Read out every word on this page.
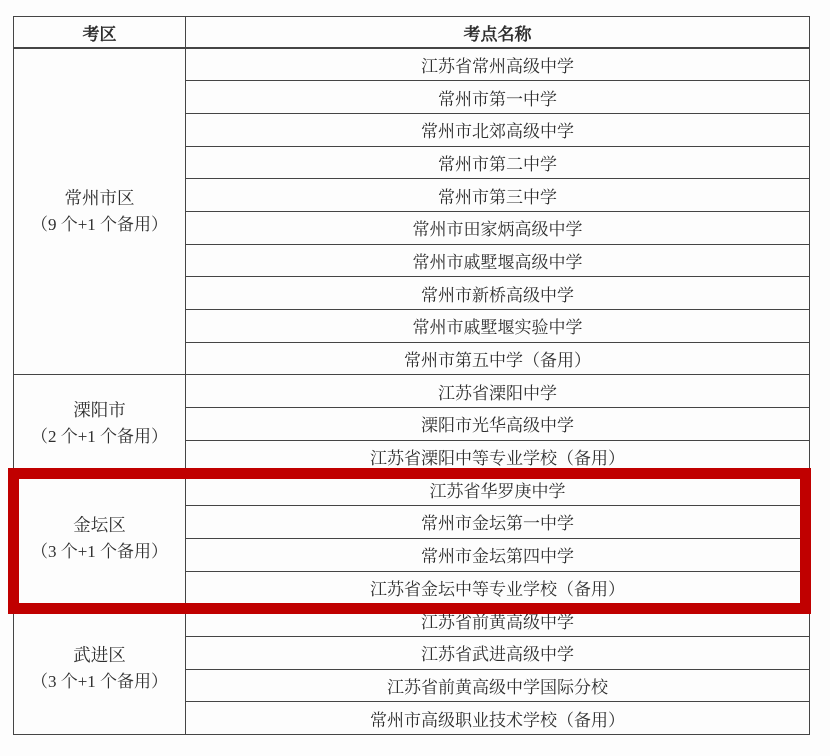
考区	考点名称

常州市区
（9 个+1 个备用）	江苏省常州高级中学
	常州市第一中学
	常州市北郊高级中学
	常州市第二中学
	常州市第三中学
	常州市田家炳高级中学
	常州市戚墅堰高级中学
	常州市新桥高级中学
	常州市戚墅堰实验中学
	常州市第五中学（备用）

溧阳市
（2 个+1 个备用）	江苏省溧阳中学
	溧阳市光华高级中学
	江苏省溧阳中等专业学校（备用）

金坛区
（3 个+1 个备用）	江苏省华罗庚中学
	常州市金坛第一中学
	常州市金坛第四中学
	江苏省金坛中等专业学校（备用）

武进区
（3 个+1 个备用）	江苏省前黄高级中学
	江苏省武进高级中学
	江苏省前黄高级中学国际分校
	常州市高级职业技术学校（备用）
